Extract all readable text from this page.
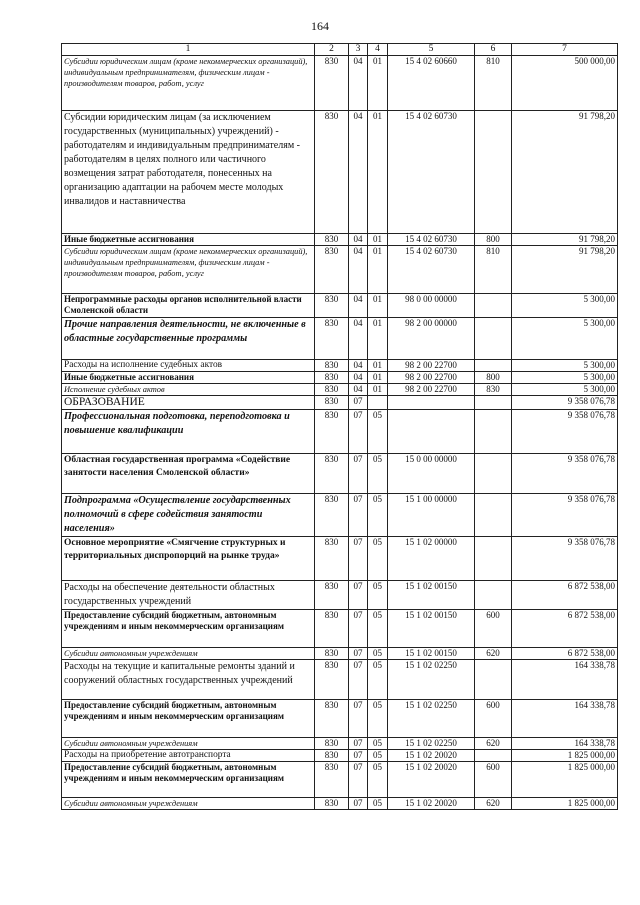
164
1	2	3	4	5	6	7
Субсидии юридическим лицам (кроме некоммерческих организаций), индивидуальным предпринимателям, физическим лицам - производителям товаров, работ, услуг	830	04	01	15 4 02 60660	810	500 000,00
Субсидии юридическим лицам (за исключением государственных (муниципальных) учреждений) - работодателям и индивидуальным предпринимателям - работодателям в целях полного или частичного возмещения затрат работодателя, понесенных на организацию адаптации на рабочем месте молодых инвалидов и наставничества	830	04	01	15 4 02 60730		91 798,20
Иные бюджетные ассигнования	830	04	01	15 4 02 60730	800	91 798,20
Субсидии юридическим лицам (кроме некоммерческих организаций), индивидуальным предпринимателям, физическим лицам - производителям товаров, работ, услуг	830	04	01	15 4 02 60730	810	91 798,20
Непрограммные расходы органов исполнительной власти Смоленской области	830	04	01	98 0 00 00000		5 300,00
Прочие направления деятельности, не включенные в областные государственные программы	830	04	01	98 2 00 00000		5 300,00
Расходы на исполнение судебных актов	830	04	01	98 2 00 22700		5 300,00
Иные бюджетные ассигнования	830	04	01	98 2 00 22700	800	5 300,00
Исполнение судебных актов	830	04	01	98 2 00 22700	830	5 300,00
ОБРАЗОВАНИЕ	830	07				9 358 076,78
Профессиональная подготовка, переподготовка и повышение квалификации	830	07	05			9 358 076,78
Областная государственная программа «Содействие занятости населения Смоленской области»	830	07	05	15 0 00 00000		9 358 076,78
Подпрограмма «Осуществление государственных полномочий в сфере содействия занятости населения»	830	07	05	15 1 00 00000		9 358 076,78
Основное мероприятие «Смягчение структурных и территориальных диспропорций на рынке труда»	830	07	05	15 1 02 00000		9 358 076,78
Расходы на обеспечение деятельности областных государственных учреждений	830	07	05	15 1 02 00150		6 872 538,00
Предоставление субсидий бюджетным, автономным учреждениям и иным некоммерческим организациям	830	07	05	15 1 02 00150	600	6 872 538,00
Субсидии автономным учреждениям	830	07	05	15 1 02 00150	620	6 872 538,00
Расходы на текущие и капитальные ремонты зданий и сооружений областных государственных учреждений	830	07	05	15 1 02 02250		164 338,78
Предоставление субсидий бюджетным, автономным учреждениям и иным некоммерческим организациям	830	07	05	15 1 02 02250	600	164 338,78
Субсидии автономным учреждениям	830	07	05	15 1 02 02250	620	164 338,78
Расходы на приобретение автотранспорта	830	07	05	15 1 02 20020		1 825 000,00
Предоставление субсидий бюджетным, автономным учреждениям и иным некоммерческим организациям	830	07	05	15 1 02 20020	600	1 825 000,00
Субсидии автономным учреждениям	830	07	05	15 1 02 20020	620	1 825 000,00
